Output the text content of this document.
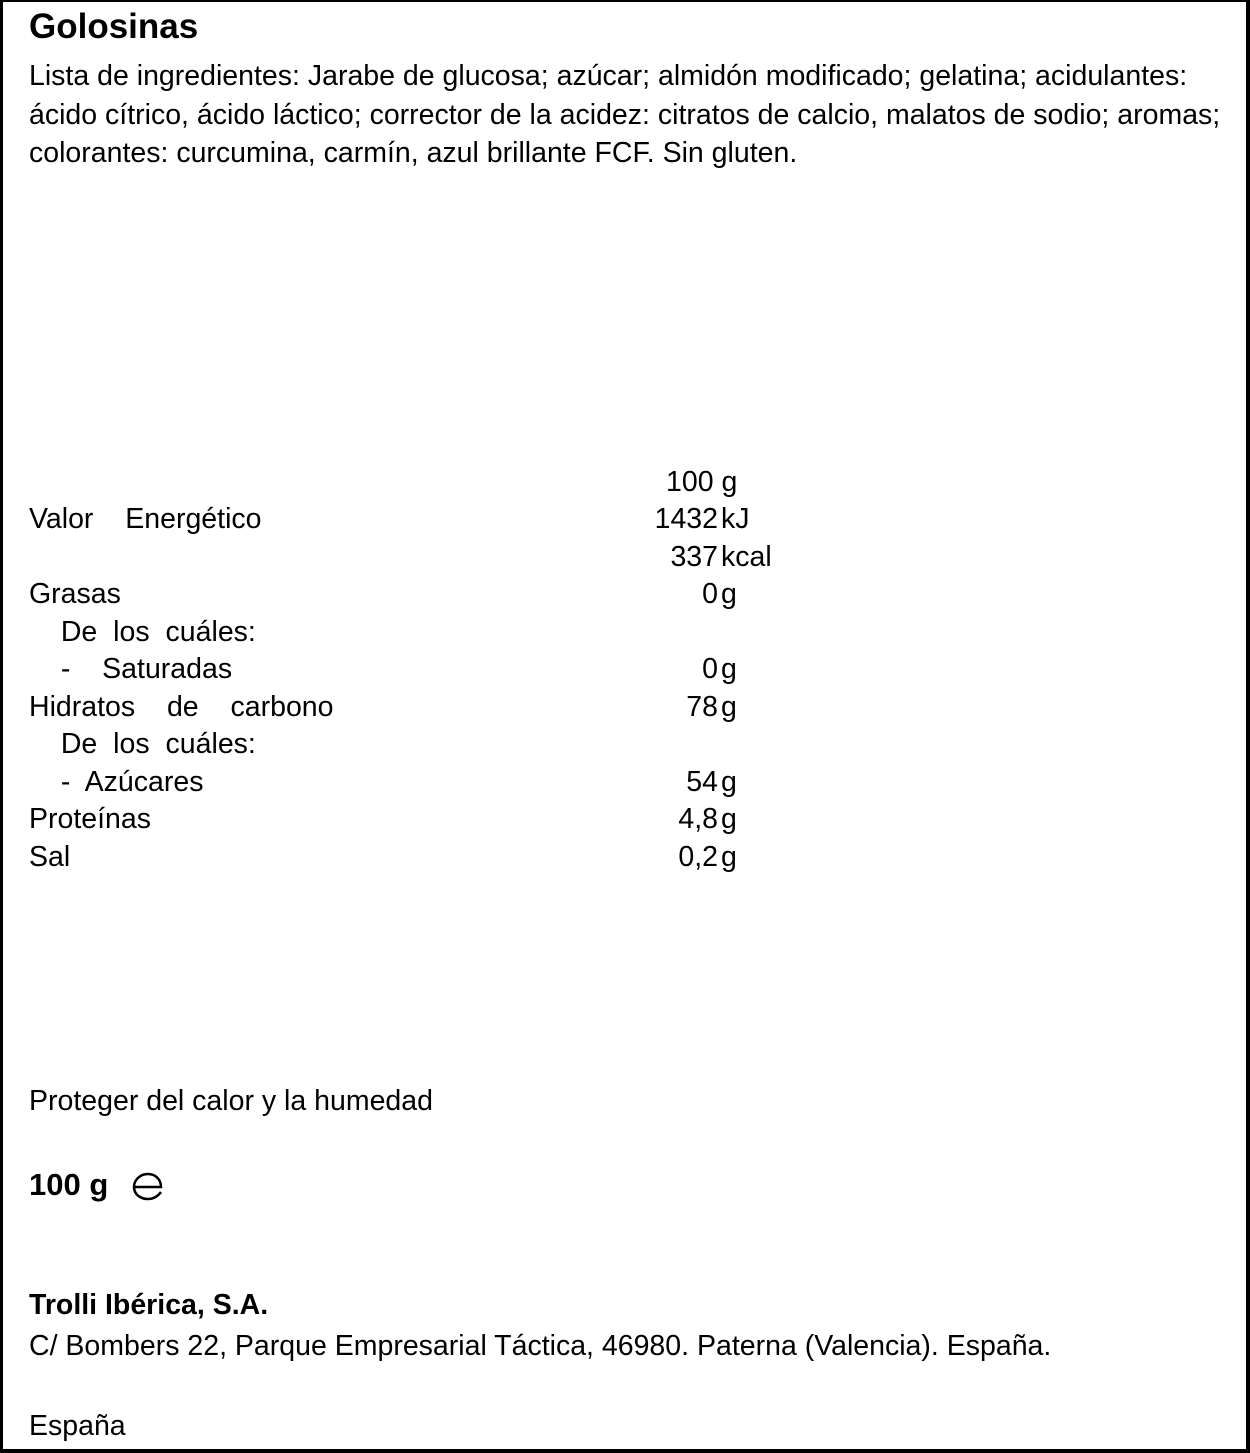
Golosinas
Lista de ingredientes: Jarabe de glucosa; azúcar; almidón modificado; gelatina; acidulantes: ácido cítrico, ácido láctico; corrector de la acidez: citratos de calcio, malatos de sodio; aromas; colorantes: curcumina, carmín, azul brillante FCF. Sin gluten.
100 g
Valor  Energético	1432 kJ
337 kcal
Grasas	0 g
De los cuáles:
-  Saturadas	0 g
Hidratos  de  carbono	78 g
De los cuáles:
- Azúcares	54 g
Proteínas	4,8 g
Sal	0,2 g
Proteger del calor y la humedad
100 g
Trolli Ibérica, S.A.
C/ Bombers 22, Parque Empresarial Táctica, 46980. Paterna (Valencia). España.
España
